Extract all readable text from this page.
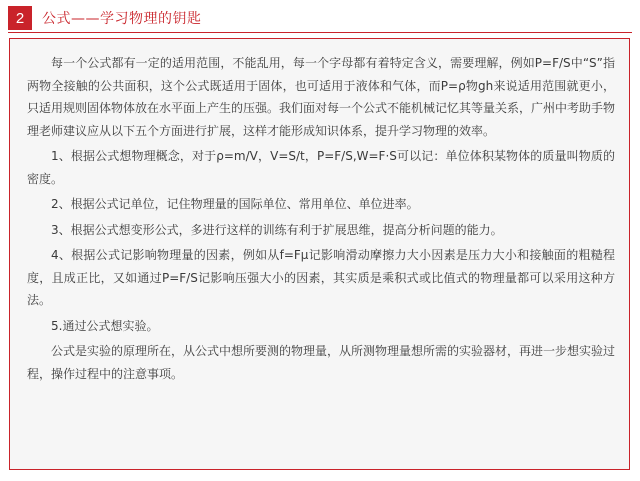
2	公式——学习物理的钥匙

每一个公式都有一定的适用范围，不能乱用，每一个字母都有着特定含义，需要理解，例如P=F/S中“S”指两物全接触的公共面积，这个公式既适用于固体，也可适用于液体和气体，而P=ρ物gh来说适用范围就更小，只适用规则固体物体放在水平面上产生的压强。我们面对每一个公式不能机械记忆其等量关系，广州中考助手物理老师建议应从以下五个方面进行扩展，这样才能形成知识体系，提升学习物理的效率。

1、根据公式想物理概念，对于ρ=m/V，V=S/t，P=F/S,W=F·S可以记：单位体积某物体的质量叫物质的密度。

2、根据公式记单位，记住物理量的国际单位、常用单位、单位进率。

3、根据公式想变形公式，多进行这样的训练有利于扩展思维，提高分析问题的能力。

4、根据公式记影响物理量的因素，例如从f=Fμ记影响滑动摩擦力大小因素是压力大小和接触面的粗糙程度，且成正比，又如通过P=F/S记影响压强大小的因素，其实质是乘积式或比值式的物理量都可以采用这种方法。

5.通过公式想实验。

公式是实验的原理所在，从公式中想所要测的物理量，从所测物理量想所需的实验器材，再进一步想实验过程，操作过程中的注意事项。
